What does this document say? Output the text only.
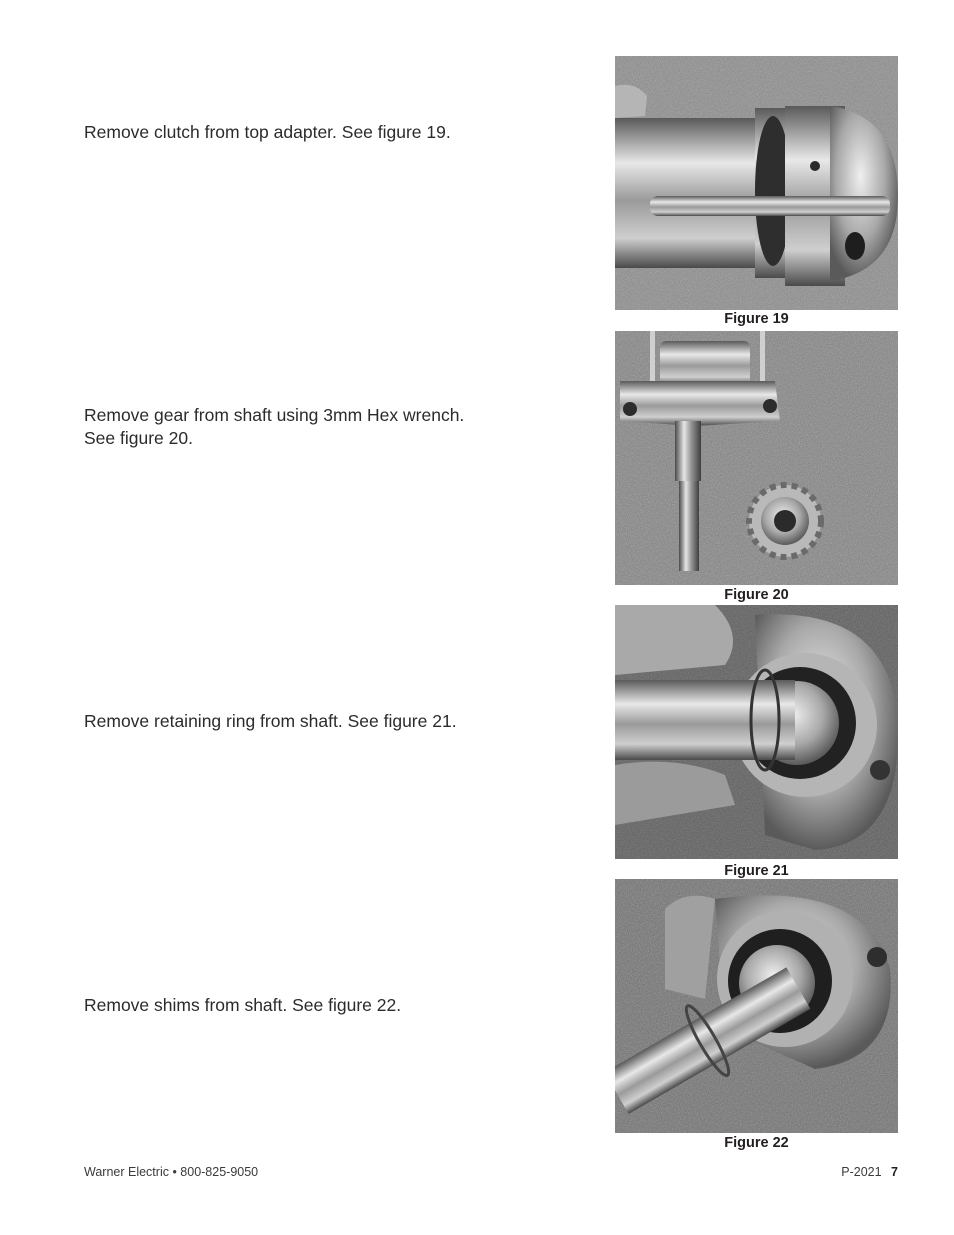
Remove clutch from top adapter. See figure 19.

Figure 19

Remove gear from shaft using 3mm Hex wrench.
See figure 20.

Figure 20

Remove retaining ring from shaft. See figure 21.

Figure 21

Remove shims from shaft. See figure 22.

Figure 22
Warner Electric • 800-825-9050	P-2021 7
